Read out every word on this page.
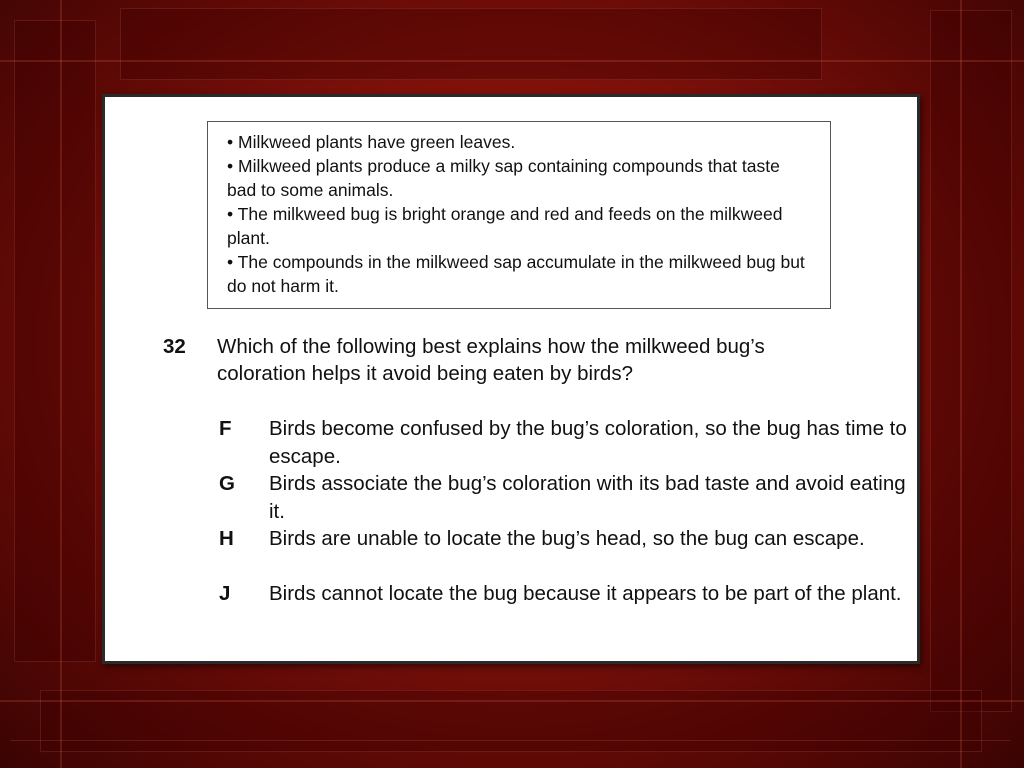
• Milkweed plants have green leaves.

• Milkweed plants produce a milky sap containing compounds that taste bad to some animals.

• The milkweed bug is bright orange and red and feeds on the milkweed plant.

• The compounds in the milkweed sap accumulate in the milkweed bug but do not harm it.

32 Which of the following best explains how the milkweed bug’s coloration helps it avoid being eaten by birds?
F Birds become confused by the bug’s coloration, so the bug has time to escape.
G Birds associate the bug’s coloration with its bad taste and avoid eating it.
H Birds are unable to locate the bug’s head, so the bug can escape.
J Birds cannot locate the bug because it appears to be part of the plant.
